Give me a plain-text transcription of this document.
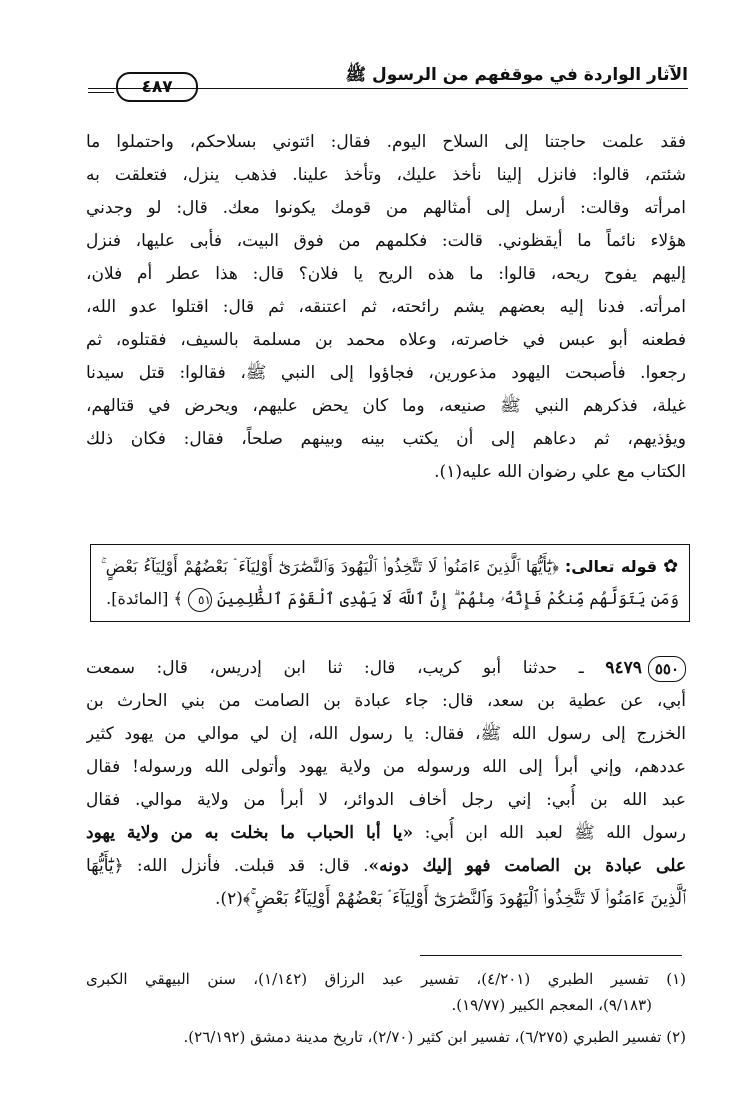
الآثار الواردة في موقفهم من الرسول ﷺ
٤٨٧
فقد علمت حاجتنا إلى السلاح اليوم. فقال: ائتوني بسلاحكم، واحتملوا ما
شئتم، قالوا: فانزل إلينا نأخذ عليك، وتأخذ علينا. فذهب ينزل، فتعلقت به
امرأته وقالت: أرسل إلى أمثالهم من قومك يكونوا معك. قال: لو وجدني
هؤلاء نائماً ما أيقظوني. قالت: فكلمهم من فوق البيت، فأبى عليها، فنزل
إليهم يفوح ريحه، قالوا: ما هذه الريح يا فلان؟ قال: هذا عطر أم فلان،
امرأته. فدنا إليه بعضهم يشم رائحته، ثم اعتنقه، ثم قال: اقتلوا عدو الله،
فطعنه أبو عبس في خاصرته، وعلاه محمد بن مسلمة بالسيف، فقتلوه، ثم
رجعوا. فأصبحت اليهود مذعورين، فجاؤوا إلى النبي ﷺ، فقالوا: قتل سيدنا
غيلة، فذكرهم النبي ﷺ صنيعه، وما كان يحض عليهم، ويحرض في قتالهم،
ويؤذيهم، ثم دعاهم إلى أن يكتب بينه وبينهم صلحاً، فقال: فكان ذلك
الكتاب مع علي رضوان الله عليه(١).
✿قوله تعالى: ﴿يَٰٓأَيُّهَا ٱلَّذِينَ ءَامَنُوا۟ لَا تَتَّخِذُوا۟ ٱلْيَهُودَ وَٱلنَّصَٰرَىٰٓ أَوْلِيَآءَ ۘ بَعْضُهُمْ أَوْلِيَآءُ بَعْضٍ ۚ
وَمَن يَتَوَلَّهُم مِّنكُمْ فَإِنَّهُۥ مِنْهُمْ ۗ إِنَّ ٱللَّهَ لَا يَهْدِى ٱلْقَوْمَ ٱلظَّٰلِمِينَ ٥١ ﴾ [المائدة].
٥٥٠٩٤٧٩ ـ حدثنا أبو كريب، قال: ثنا ابن إدريس، قال: سمعت
أبي، عن عطية بن سعد، قال: جاء عبادة بن الصامت من بني الحارث بن
الخزرج إلى رسول الله ﷺ، فقال: يا رسول الله، إن لي موالي من يهود كثير
عددهم، وإني أبرأ إلى الله ورسوله من ولاية يهود وأتولى الله ورسوله! فقال
عبد الله بن أُبي: إني رجل أخاف الدوائر، لا أبرأ من ولاية موالي. فقال
رسول الله ﷺ لعبد الله ابن أُبي: «يا أبا الحباب ما بخلت به من ولاية يهود
على عبادة بن الصامت فهو إليك دونه». قال: قد قبلت. فأنزل الله: ﴿يَٰٓأَيُّهَا
ٱلَّذِينَ ءَامَنُوا۟ لَا تَتَّخِذُوا۟ ٱلْيَهُودَ وَٱلنَّصَٰرَىٰٓ أَوْلِيَآءَ ۘ بَعْضُهُمْ أَوْلِيَآءُ بَعْضٍ ۚ﴾(٢).
(١) تفسير الطبري (٤/٢٠١)، تفسير عبد الرزاق (١/١٤٢)، سنن البيهقي الكبرى
(٩/١٨٣)، المعجم الكبير (١٩/٧٧).
(٢) تفسير الطبري (٦/٢٧٥)، تفسير ابن كثير (٢/٧٠)، تاريخ مدينة دمشق (٢٦/١٩٢).
